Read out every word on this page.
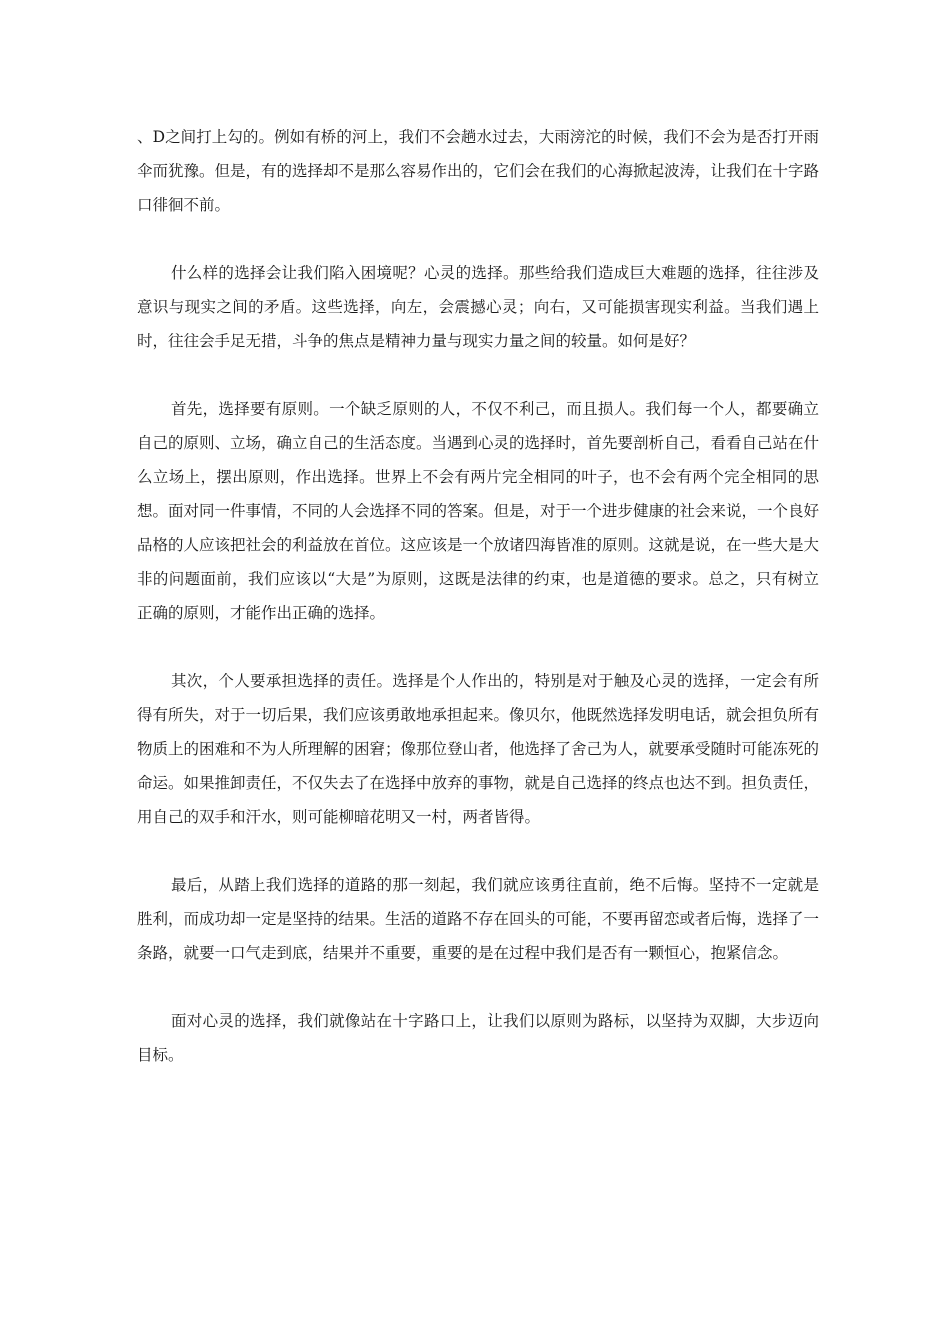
、D之间打上勾的。例如有桥的河上，我们不会趟水过去，大雨滂沱的时候，我们不会为是否打开雨伞而犹豫。但是，有的选择却不是那么容易作出的，它们会在我们的心海掀起波涛，让我们在十字路口徘徊不前。

什么样的选择会让我们陷入困境呢？心灵的选择。那些给我们造成巨大难题的选择，往往涉及意识与现实之间的矛盾。这些选择，向左，会震撼心灵；向右，又可能损害现实利益。当我们遇上时，往往会手足无措，斗争的焦点是精神力量与现实力量之间的较量。如何是好？

首先，选择要有原则。一个缺乏原则的人，不仅不利己，而且损人。我们每一个人，都要确立自己的原则、立场，确立自己的生活态度。当遇到心灵的选择时，首先要剖析自己，看看自己站在什么立场上，摆出原则，作出选择。世界上不会有两片完全相同的叶子，也不会有两个完全相同的思想。面对同一件事情，不同的人会选择不同的答案。但是，对于一个进步健康的社会来说，一个良好品格的人应该把社会的利益放在首位。这应该是一个放诸四海皆准的原则。这就是说，在一些大是大非的问题面前，我们应该以“大是”为原则，这既是法律的约束，也是道德的要求。总之，只有树立正确的原则，才能作出正确的选择。

其次，个人要承担选择的责任。选择是个人作出的，特别是对于触及心灵的选择，一定会有所得有所失，对于一切后果，我们应该勇敢地承担起来。像贝尔，他既然选择发明电话，就会担负所有物质上的困难和不为人所理解的困窘；像那位登山者，他选择了舍己为人，就要承受随时可能冻死的命运。如果推卸责任，不仅失去了在选择中放弃的事物，就是自己选择的终点也达不到。担负责任，用自己的双手和汗水，则可能柳暗花明又一村，两者皆得。

最后，从踏上我们选择的道路的那一刻起，我们就应该勇往直前，绝不后悔。坚持不一定就是胜利，而成功却一定是坚持的结果。生活的道路不存在回头的可能，不要再留恋或者后悔，选择了一条路，就要一口气走到底，结果并不重要，重要的是在过程中我们是否有一颗恒心，抱紧信念。

面对心灵的选择，我们就像站在十字路口上，让我们以原则为路标，以坚持为双脚，大步迈向目标。
